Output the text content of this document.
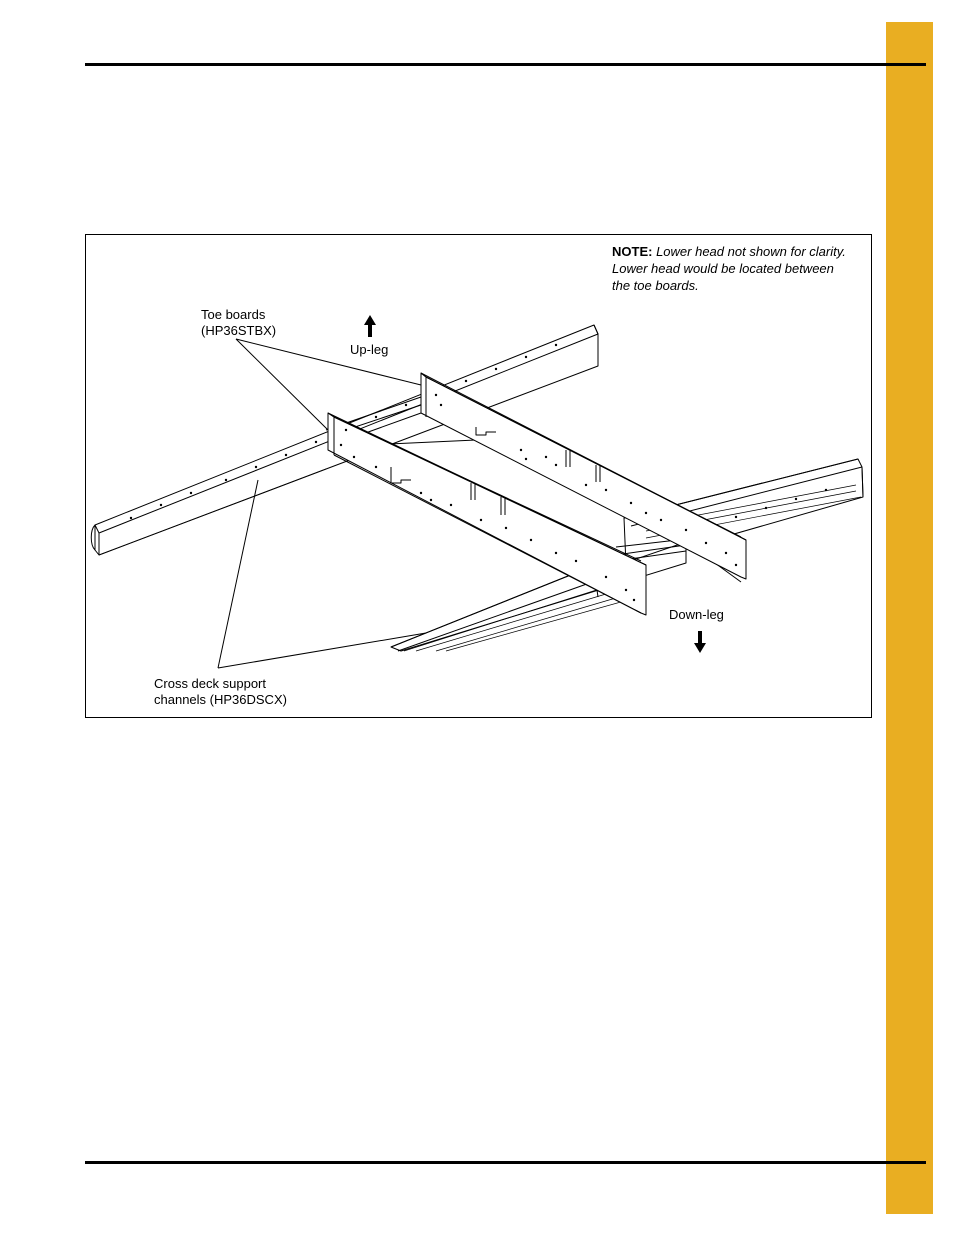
NOTE: Lower head not shown for clarity.
Lower head would be located between
the toe boards.
Toe boards
(HP36STBX)
Up-leg
Down-leg
Cross deck support
channels (HP36DSCX)
